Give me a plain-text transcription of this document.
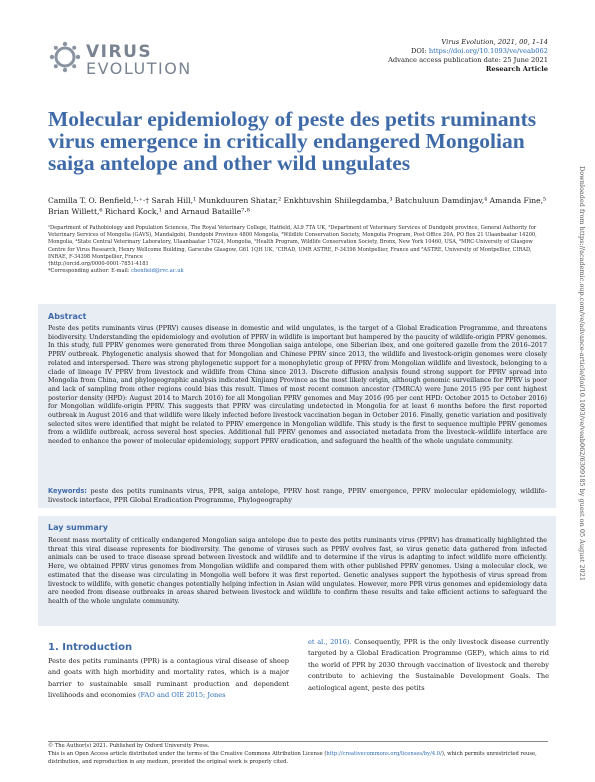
VIRUS
EVOLUTION
Virus Evolution, 2021, 00, 1–14
DOI: https://doi.org/10.1093/ve/veab062
Advance access publication date: 25 June 2021
Research Article
Molecular epidemiology of peste des petits ruminants virus emergence in critically endangered Mongolian saiga antelope and other wild ungulates
Camilla T. O. Benfield,¹·⁺·† Sarah Hill,¹ Munkduuren Shatar,² Enkhtuvshin Shiilegdamba,³ Batchuluun Damdinjav,⁴ Amanda Fine,⁵ Brian Willett,⁶ Richard Kock,¹ and Arnaud Bataille⁷·⁸
¹Department of Pathobiology and Population Sciences, The Royal Veterinary College, Hatfield, AL9 7TA UK, ²Department of Veterinary Services of Dundgobi province, General Authority for Veterinary Services of Mongolia (GAVS), Mandalgobi, Dundgobi Province 4800 Mongolia, ³Wildlife Conservation Society, Mongolia Program, Post Office 20A, PO Box 21 Ulaanbaatar 14200, Mongolia, ⁴State Central Veterinary Laboratory, Ulaanbaatar 17024, Mongolia, ⁵Health Program, Wildlife Conservation Society, Bronx, New York 10460, USA, ⁶MRC-University of Glasgow Centre for Virus Research, Henry Wellcome Building, Garscube Glasgow, G61 1QH UK, ⁷CIRAD, UMR ASTRE, F-34398 Montpellier, France and ⁸ASTRE, University of Montpellier, CIRAD, INRAE, F-34398 Montpellier, France
†http://orcid.org/0000-0001-7851-4181
*Corresponding author: E-mail: cbenfield@rvc.ac.uk	Downloaded from https://academic.oup.com/ve/advance-article/doi/10.1093/ve/veab062/6309185 by guest on 05 August 2021
Abstract
Peste des petits ruminants virus (PPRV) causes disease in domestic and wild ungulates, is the target of a Global Eradication Programme, and threatens biodiversity. Understanding the epidemiology and evolution of PPRV in wildlife is important but hampered by the paucity of wildlife-origin PPRV genomes. In this study, full PPRV genomes were generated from three Mongolian saiga antelope, one Siberian ibex, and one goitered gazelle from the 2016–2017 PPRV outbreak. Phylogenetic analysis showed that for Mongolian and Chinese PPRV since 2013, the wildlife and livestock-origin genomes were closely related and interspersed. There was strong phylogenetic support for a monophyletic group of PPRV from Mongolian wildlife and livestock, belonging to a clade of lineage IV PPRV from livestock and wildlife from China since 2013. Discrete diffusion analysis found strong support for PPRV spread into Mongolia from China, and phylogeographic analysis indicated Xinjiang Province as the most likely origin, although genomic surveillance for PPRV is poor and lack of sampling from other regions could bias this result. Times of most recent common ancestor (TMRCA) were June 2015 (95 per cent highest posterior density (HPD): August 2014 to March 2016) for all Mongolian PPRV genomes and May 2016 (95 per cent HPD: October 2015 to October 2016) for Mongolian wildlife-origin PPRV. This suggests that PPRV was circulating undetected in Mongolia for at least 6 months before the first reported outbreak in August 2016 and that wildlife were likely infected before livestock vaccination began in October 2016. Finally, genetic variation and positively selected sites were identified that might be related to PPRV emergence in Mongolian wildlife. This study is the first to sequence multiple PPRV genomes from a wildlife outbreak, across several host species. Additional full PPRV genomes and associated metadata from the livestock–wildlife interface are needed to enhance the power of molecular epidemiology, support PPRV eradication, and safeguard the health of the whole ungulate community.
Keywords: peste des petits ruminants virus, PPR, saiga antelope, PPRV host range, PPRV emergence, PPRV molecular epidemiology, wildlife-livestock interface, PPR Global Eradication Programme, Phylogeography
Lay summary
Recent mass mortality of critically endangered Mongolian saiga antelope due to peste des petits ruminants virus (PPRV) has dramatically highlighted the threat this viral disease represents for biodiversity. The genome of viruses such as PPRV evolves fast, so virus genetic data gathered from infected animals can be used to trace disease spread between livestock and wildlife and to determine if the virus is adapting to infect wildlife more efficiently. Here, we obtained PPRV virus genomes from Mongolian wildlife and compared them with other published PPRV genomes. Using a molecular clock, we estimated that the disease was circulating in Mongolia well before it was first reported. Genetic analyses support the hypothesis of virus spread from livestock to wildlife, with genetic changes potentially helping infection in Asian wild ungulates. However, more PPR virus genomes and epidemiology data are needed from disease outbreaks in areas shared between livestock and wildlife to confirm these results and take efficient actions to safeguard the health of the whole ungulate community.
1. Introduction
Peste des petits ruminants (PPR) is a contagious viral disease of sheep and goats with high morbidity and mortality rates, which is a major barrier to sustainable small ruminant production and dependent livelihoods and economies (FAO and OIE 2015; Jones
et al., 2016). Consequently, PPR is the only livestock disease currently targeted by a Global Eradication Programme (GEP), which aims to rid the world of PPR by 2030 through vaccination of livestock and thereby contribute to achieving the Sustainable Development Goals. The aetiological agent, peste des petits
© The Author(s) 2021. Published by Oxford University Press.
This is an Open Access article distributed under the terms of the Creative Commons Attribution License (http://creativecommons.org/licenses/by/4.0/), which permits unrestricted reuse, distribution, and reproduction in any medium, provided the original work is properly cited.
